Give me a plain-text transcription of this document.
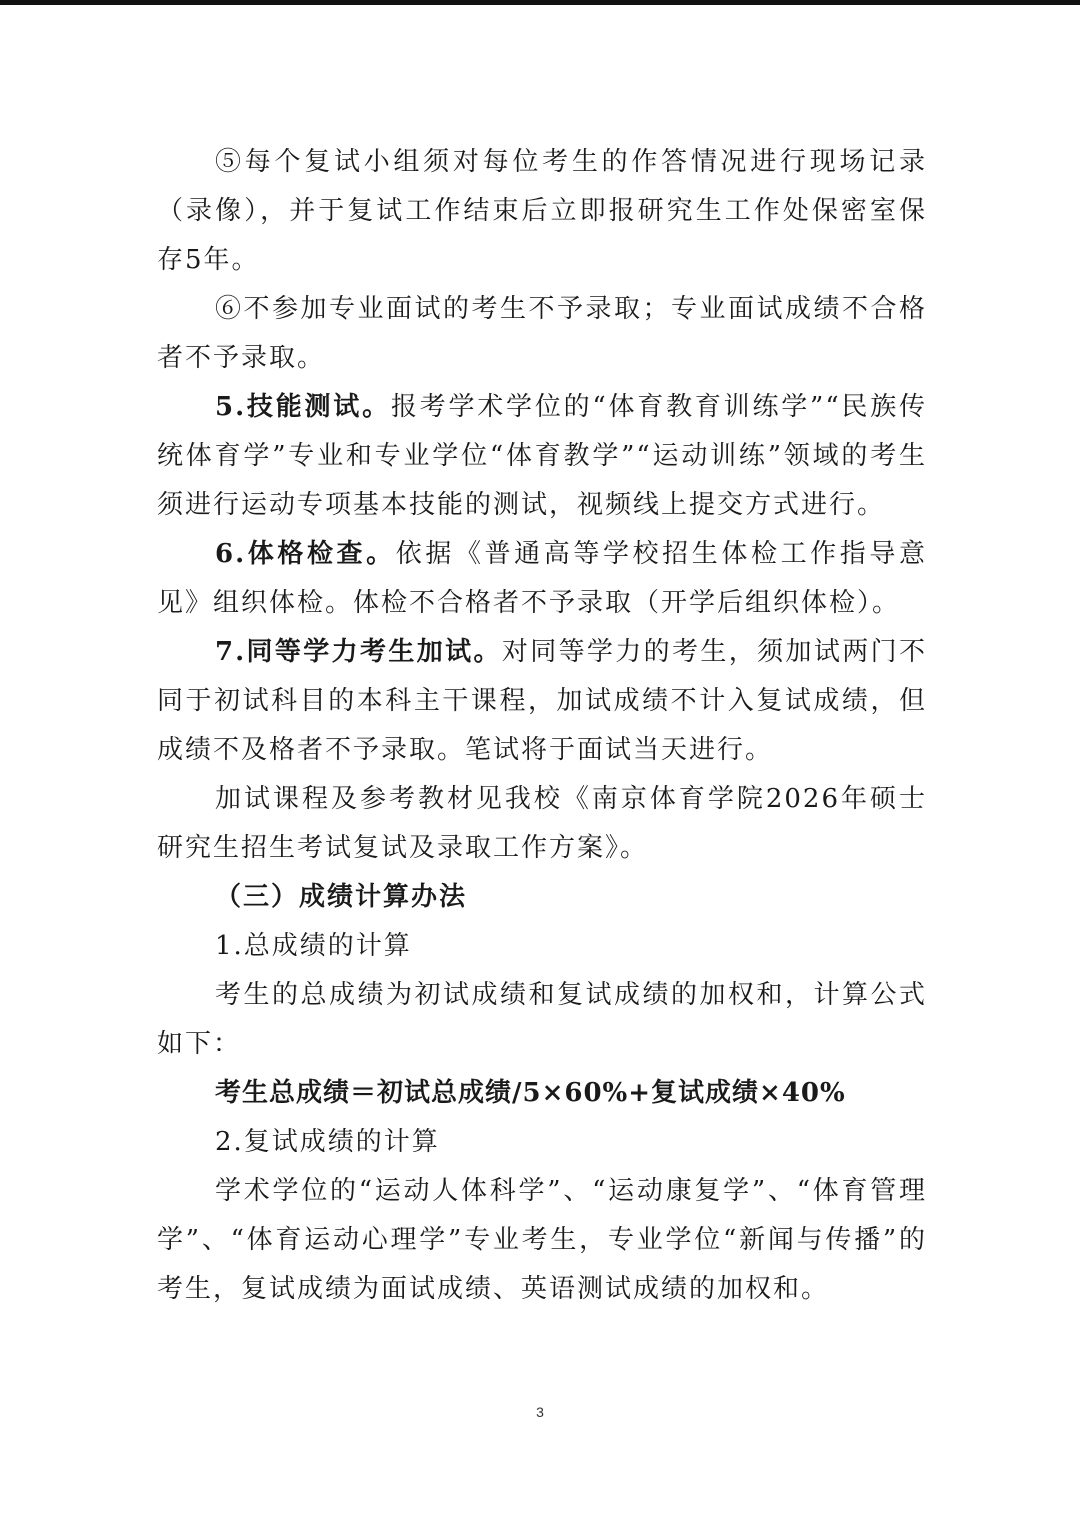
⑤每个复试小组须对每位考生的作答情况进行现场记录（录像），并于复试工作结束后立即报研究生工作处保密室保存5年。

⑥不参加专业面试的考生不予录取；专业面试成绩不合格者不予录取。

5.技能测试。报考学术学位的“体育教育训练学”“民族传统体育学”专业和专业学位“体育教学”“运动训练”领域的考生须进行运动专项基本技能的测试，视频线上提交方式进行。

6.体格检查。依据《普通高等学校招生体检工作指导意见》组织体检。体检不合格者不予录取（开学后组织体检）。

7.同等学力考生加试。对同等学力的考生，须加试两门不同于初试科目的本科主干课程，加试成绩不计入复试成绩，但成绩不及格者不予录取。笔试将于面试当天进行。

加试课程及参考教材见我校《南京体育学院2026年硕士研究生招生考试复试及录取工作方案》。

（三）成绩计算办法

1.总成绩的计算

考生的总成绩为初试成绩和复试成绩的加权和，计算公式如下：

考生总成绩＝初试总成绩/5×60%+复试成绩×40%

2.复试成绩的计算

学术学位的“运动人体科学”、“运动康复学”、“体育管理学”、“体育运动心理学”专业考生，专业学位“新闻与传播”的考生，复试成绩为面试成绩、英语测试成绩的加权和。

3
